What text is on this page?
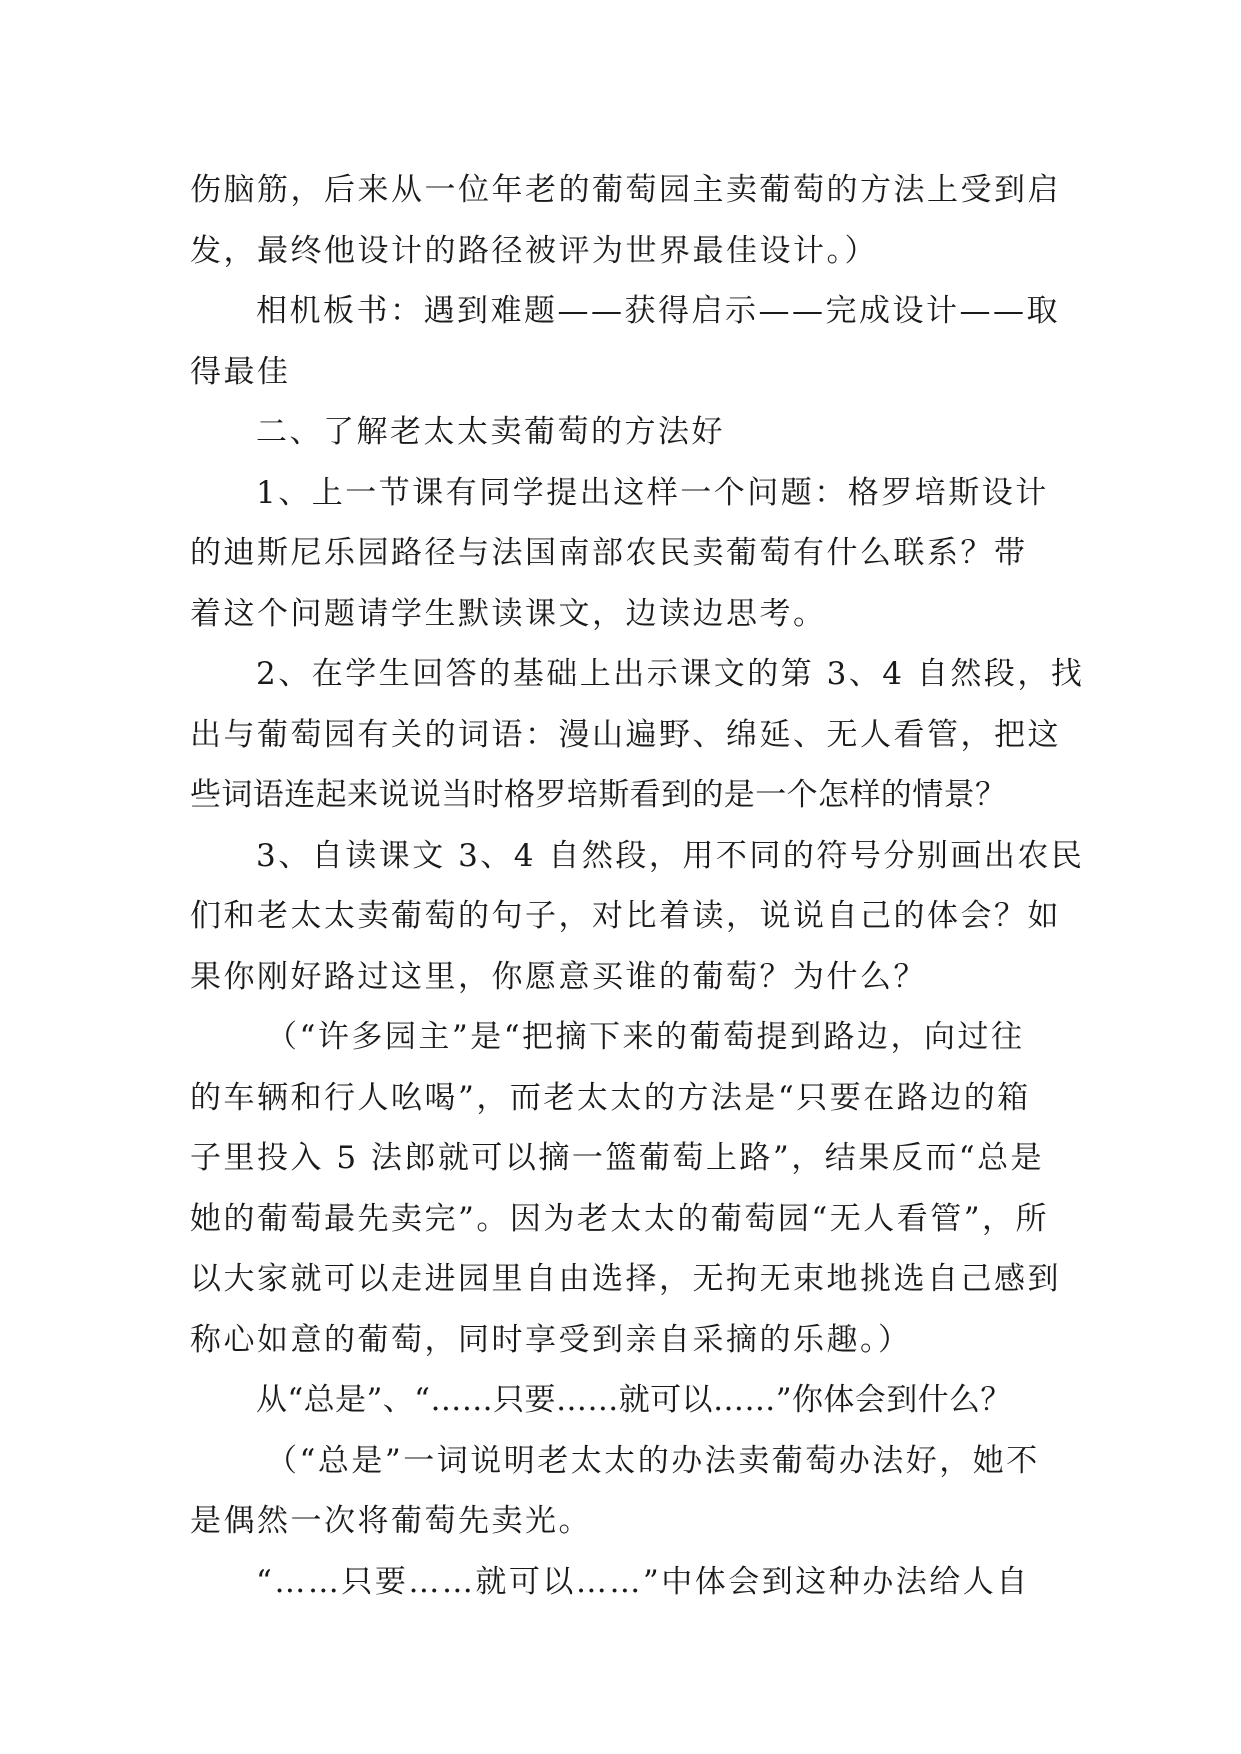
伤脑筋，后来从一位年老的葡萄园主卖葡萄的方法上受到启
发，最终他设计的路径被评为世界最佳设计。）
相机板书：遇到难题——获得启示——完成设计——取
得最佳
二、了解老太太卖葡萄的方法好
1、上一节课有同学提出这样一个问题：格罗培斯设计
的迪斯尼乐园路径与法国南部农民卖葡萄有什么联系？带
着这个问题请学生默读课文，边读边思考。
2、在学生回答的基础上出示课文的第 3、4 自然段，找
出与葡萄园有关的词语：漫山遍野、绵延、无人看管，把这
些词语连起来说说当时格罗培斯看到的是一个怎样的情景？
3、自读课文 3、4 自然段，用不同的符号分别画出农民
们和老太太卖葡萄的句子，对比着读，说说自己的体会？如
果你刚好路过这里，你愿意买谁的葡萄？为什么？
（“许多园主”是“把摘下来的葡萄提到路边，向过往
的车辆和行人吆喝”，而老太太的方法是“只要在路边的箱
子里投入 5 法郎就可以摘一篮葡萄上路”，结果反而“总是
她的葡萄最先卖完”。因为老太太的葡萄园“无人看管”，所
以大家就可以走进园里自由选择，无拘无束地挑选自己感到
称心如意的葡萄，同时享受到亲自采摘的乐趣。）
从“总是”、“……只要……就可以……”你体会到什么？
（“总是”一词说明老太太的办法卖葡萄办法好，她不
是偶然一次将葡萄先卖光。
“……只要……就可以……”中体会到这种办法给人自
